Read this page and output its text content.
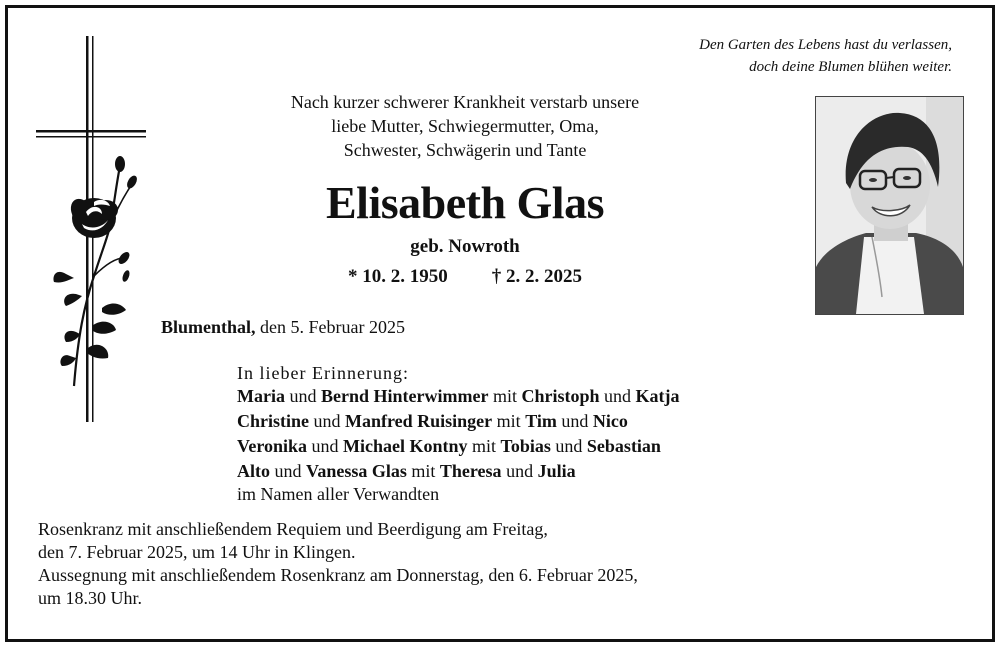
Den Garten des Lebens hast du verlassen,
doch deine Blumen blühen weiter.
Nach kurzer schwerer Krankheit verstarb unsere
liebe Mutter, Schwiegermutter, Oma,
Schwester, Schwägerin und Tante
Elisabeth Glas
geb. Nowroth
* 10. 2. 1950 † 2. 2. 2025
Blumenthal, den 5. Februar 2025
In lieber Erinnerung:
Maria und Bernd Hinterwimmer mit Christoph und Katja
Christine und Manfred Ruisinger mit Tim und Nico
Veronika und Michael Kontny mit Tobias und Sebastian
Alto und Vanessa Glas mit Theresa und Julia
im Namen aller Verwandten
Rosenkranz mit anschließendem Requiem und Beerdigung am Freitag,
den 7. Februar 2025, um 14 Uhr in Klingen.
Aussegnung mit anschließendem Rosenkranz am Donnerstag, den 6. Februar 2025,
um 18.30 Uhr.
